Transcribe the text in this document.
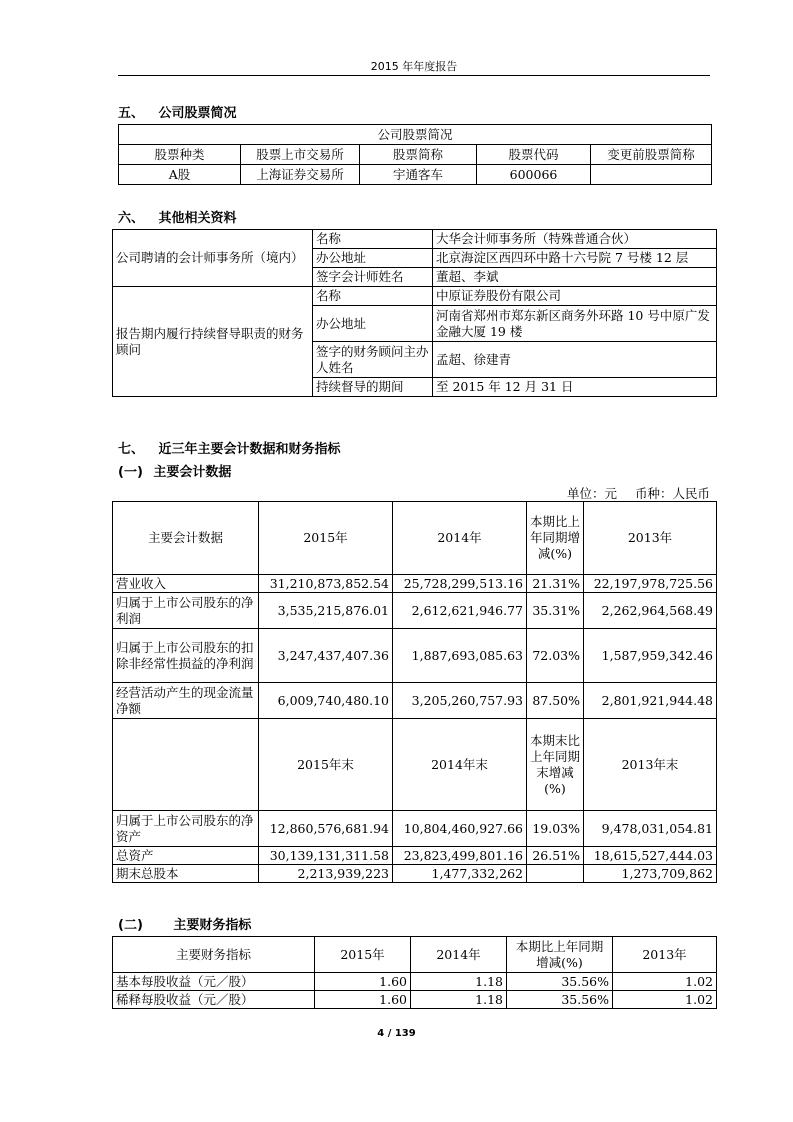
2015 年年度报告
五、 公司股票简况
公司股票简况				
股票种类	股票上市交易所	股票简称	股票代码	变更前股票简称
A股	上海证券交易所	宇通客车	600066	
六、 其他相关资料
公司聘请的会计师事务所（境内）	名称	大华会计师事务所（特殊普通合伙）
	办公地址	北京海淀区西四环中路十六号院 7 号楼 12 层
	签字会计师姓名	董超、李斌
报告期内履行持续督导职责的财务顾问	名称	中原证券股份有限公司
	办公地址	河南省郑州市郑东新区商务外环路 10 号中原广发金融大厦 19 楼
	签字的财务顾问主办人姓名	孟超、徐建青
	持续督导的期间	至 2015 年 12 月 31 日
七、 近三年主要会计数据和财务指标
(一) 主要会计数据
单位：元 币种：人民币
主要会计数据	2015年	2014年	本期比上年同期增减(%)	2013年
营业收入	31,210,873,852.54	25,728,299,513.16	21.31%	22,197,978,725.56
归属于上市公司股东的净利润	3,535,215,876.01	2,612,621,946.77	35.31%	2,262,964,568.49
归属于上市公司股东的扣除非经常性损益的净利润	3,247,437,407.36	1,887,693,085.63	72.03%	1,587,959,342.46
经营活动产生的现金流量净额	6,009,740,480.10	3,205,260,757.93	87.50%	2,801,921,944.48
	2015年末	2014年末	本期末比上年同期末增减(%)	2013年末
归属于上市公司股东的净资产	12,860,576,681.94	10,804,460,927.66	19.03%	9,478,031,054.81
总资产	30,139,131,311.58	23,823,499,801.16	26.51%	18,615,527,444.03
期末总股本	2,213,939,223	1,477,332,262		1,273,709,862
(二) 主要财务指标
主要财务指标	2015年	2014年	本期比上年同期增减(%)	2013年
基本每股收益（元／股）	1.60	1.18	35.56%	1.02
稀释每股收益（元／股）	1.60	1.18	35.56%	1.02
4 / 139
